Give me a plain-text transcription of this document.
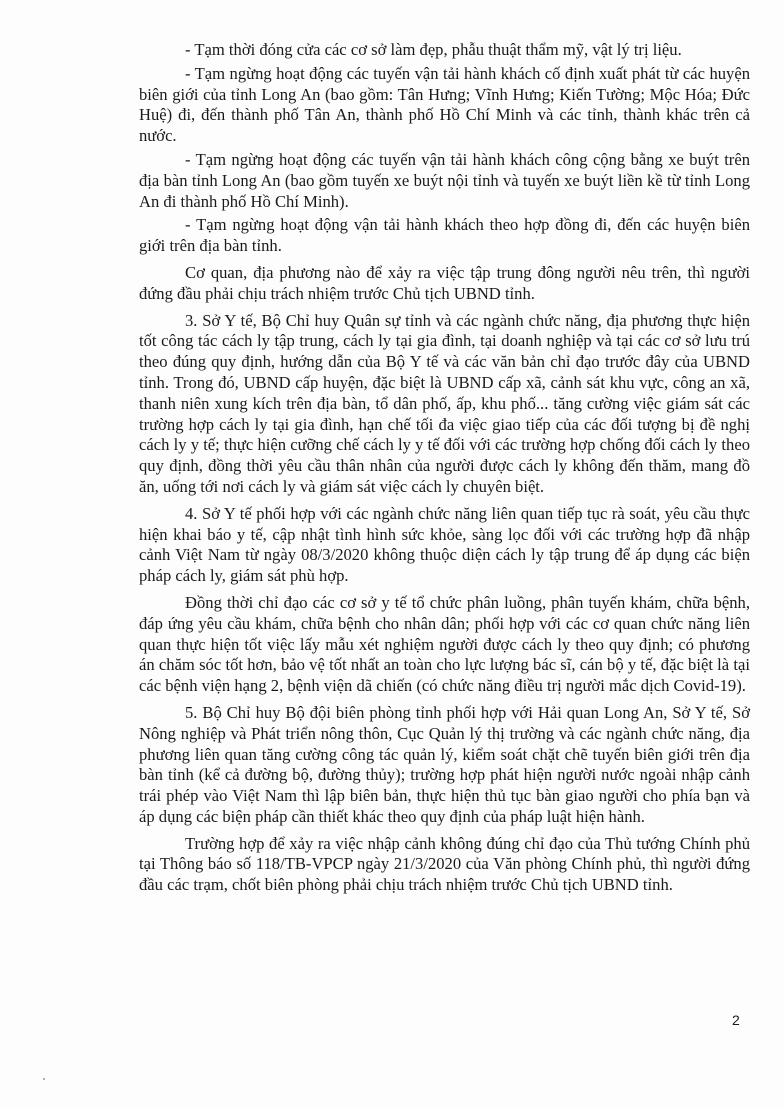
- Tạm thời đóng cửa các cơ sở làm đẹp, phẫu thuật thẩm mỹ, vật lý trị liệu.

- Tạm ngừng hoạt động các tuyến vận tải hành khách cố định xuất phát từ các huyện biên giới của tỉnh Long An (bao gồm: Tân Hưng; Vĩnh Hưng; Kiến Tường; Mộc Hóa; Đức Huệ) đi, đến thành phố Tân An, thành phố Hồ Chí Minh và các tỉnh, thành khác trên cả nước.

- Tạm ngừng hoạt động các tuyến vận tải hành khách công cộng bằng xe buýt trên địa bàn tỉnh Long An (bao gồm tuyến xe buýt nội tỉnh và tuyến xe buýt liền kề từ tỉnh Long An đi thành phố Hồ Chí Minh).

- Tạm ngừng hoạt động vận tải hành khách theo hợp đồng đi, đến các huyện biên giới trên địa bàn tỉnh.

Cơ quan, địa phương nào để xảy ra việc tập trung đông người nêu trên, thì người đứng đầu phải chịu trách nhiệm trước Chủ tịch UBND tỉnh.

3. Sở Y tế, Bộ Chỉ huy Quân sự tỉnh và các ngành chức năng, địa phương thực hiện tốt công tác cách ly tập trung, cách ly tại gia đình, tại doanh nghiệp và tại các cơ sở lưu trú theo đúng quy định, hướng dẫn của Bộ Y tế và các văn bản chỉ đạo trước đây của UBND tỉnh. Trong đó, UBND cấp huyện, đặc biệt là UBND cấp xã, cảnh sát khu vực, công an xã, thanh niên xung kích trên địa bàn, tổ dân phố, ấp, khu phố... tăng cường việc giám sát các trường hợp cách ly tại gia đình, hạn chế tối đa việc giao tiếp của các đối tượng bị đề nghị cách ly y tế; thực hiện cưỡng chế cách ly y tế đối với các trường hợp chống đối cách ly theo quy định, đồng thời yêu cầu thân nhân của người được cách ly không đến thăm, mang đồ ăn, uống tới nơi cách ly và giám sát việc cách ly chuyên biệt.

4. Sở Y tế phối hợp với các ngành chức năng liên quan tiếp tục rà soát, yêu cầu thực hiện khai báo y tế, cập nhật tình hình sức khỏe, sàng lọc đối với các trường hợp đã nhập cảnh Việt Nam từ ngày 08/3/2020 không thuộc diện cách ly tập trung để áp dụng các biện pháp cách ly, giám sát phù hợp.

Đồng thời chỉ đạo các cơ sở y tế tổ chức phân luồng, phân tuyến khám, chữa bệnh, đáp ứng yêu cầu khám, chữa bệnh cho nhân dân; phối hợp với các cơ quan chức năng liên quan thực hiện tốt việc lấy mẫu xét nghiệm người được cách ly theo quy định; có phương án chăm sóc tốt hơn, bảo vệ tốt nhất an toàn cho lực lượng bác sĩ, cán bộ y tế, đặc biệt là tại các bệnh viện hạng 2, bệnh viện dã chiến (có chức năng điều trị người mắc dịch Covid-19).

5. Bộ Chỉ huy Bộ đội biên phòng tỉnh phối hợp với Hải quan Long An, Sở Y tế, Sở Nông nghiệp và Phát triển nông thôn, Cục Quản lý thị trường và các ngành chức năng, địa phương liên quan tăng cường công tác quản lý, kiểm soát chặt chẽ tuyến biên giới trên địa bàn tỉnh (kể cả đường bộ, đường thủy); trường hợp phát hiện người nước ngoài nhập cảnh trái phép vào Việt Nam thì lập biên bản, thực hiện thủ tục bàn giao người cho phía bạn và áp dụng các biện pháp cần thiết khác theo quy định của pháp luật hiện hành.

Trường hợp để xảy ra việc nhập cảnh không đúng chỉ đạo của Thủ tướng Chính phủ tại Thông báo số 118/TB-VPCP ngày 21/3/2020 của Văn phòng Chính phủ, thì người đứng đầu các trạm, chốt biên phòng phải chịu trách nhiệm trước Chủ tịch UBND tỉnh.

2
